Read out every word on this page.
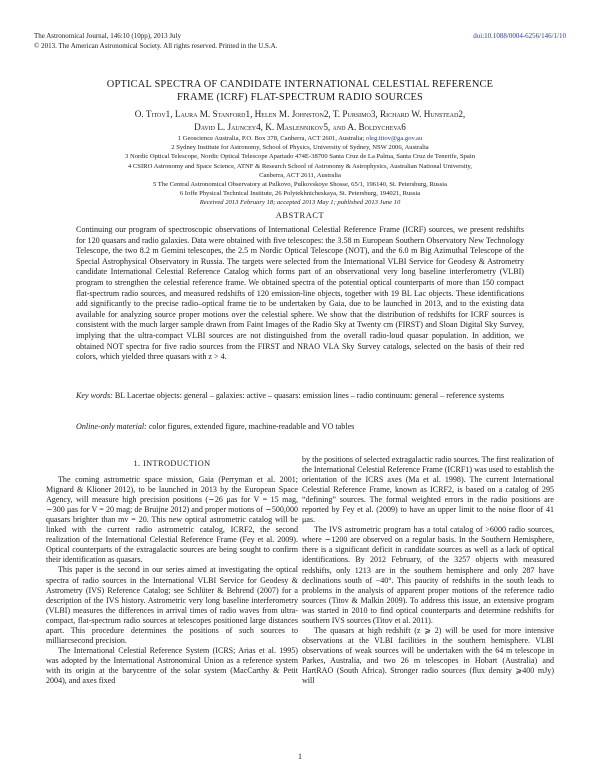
The Astronomical Journal, 146:10 (10pp), 2013 July	doi:10.1088/0004-6256/146/1/10
© 2013. The American Astronomical Society. All rights reserved. Printed in the U.S.A.
OPTICAL SPECTRA OF CANDIDATE INTERNATIONAL CELESTIAL REFERENCE
FRAME (ICRF) FLAT-SPECTRUM RADIO SOURCES
O. Titov1, Laura M. Stanford1, Helen M. Johnston2, T. Pursimo3, Richard W. Hunstead2,
David L. Jauncey4, K. Maslennikov5, and A. Boldycheva6
1 Geoscience Australia, P.O. Box 378, Canberra, ACT 2601, Australia; oleg.titov@ga.gov.au
2 Sydney Institute for Astronomy, School of Physics, University of Sydney, NSW 2006, Australia
3 Nordic Optical Telescope, Nordic Optical Telescope Apartado 474E-38700 Santa Cruz de La Palma, Santa Cruz de Tenerife, Spain
4 CSIRO Astronomy and Space Science, ATNF & Research School of Astronomy & Astrophysics, Australian National University,
Canberra, ACT 2611, Australia
5 The Central Astronomical Observatory at Pulkovo, Pulkovskoye Shosse, 65/1, 196140, St. Petersburg, Russia
6 Ioffe Physical Technical Institute, 26 Polytekhnicheskaya, St. Petersburg, 194021, Russia
Received 2013 February 18; accepted 2013 May 1; published 2013 June 10
ABSTRACT
Continuing our program of spectroscopic observations of International Celestial Reference Frame (ICRF) sources, we present redshifts for 120 quasars and radio galaxies. Data were obtained with five telescopes: the 3.58 m European Southern Observatory New Technology Telescope, the two 8.2 m Gemini telescopes, the 2.5 m Nordic Optical Telescope (NOT), and the 6.0 m Big Azimuthal Telescope of the Special Astrophysical Observatory in Russia. The targets were selected from the International VLBI Service for Geodesy & Astrometry candidate International Celestial Reference Catalog which forms part of an observational very long baseline interferometry (VLBI) program to strengthen the celestial reference frame. We obtained spectra of the potential optical counterparts of more than 150 compact flat-spectrum radio sources, and measured redshifts of 120 emission-line objects, together with 19 BL Lac objects. These identifications add significantly to the precise radio–optical frame tie to be undertaken by Gaia, due to be launched in 2013, and to the existing data available for analyzing source proper motions over the celestial sphere. We show that the distribution of redshifts for ICRF sources is consistent with the much larger sample drawn from Faint Images of the Radio Sky at Twenty cm (FIRST) and Sloan Digital Sky Survey, implying that the ultra-compact VLBI sources are not distinguished from the overall radio-loud quasar population. In addition, we obtained NOT spectra for five radio sources from the FIRST and NRAO VLA Sky Survey catalogs, selected on the basis of their red colors, which yielded three quasars with z > 4.
Key words: BL Lacertae objects: general – galaxies: active – quasars: emission lines – radio continuum: general – reference systems
Online-only material: color figures, extended figure, machine-readable and VO tables
1. INTRODUCTION

The coming astrometric space mission, Gaia (Perryman et al. 2001; Mignard & Klioner 2012), to be launched in 2013 by the European Space Agency, will measure high precision positions (∼26 μas for V = 15 mag, ∼300 μas for V = 20 mag; de Bruijne 2012) and proper motions of ∼500,000 quasars brighter than mv = 20. This new optical astrometric catalog will be linked with the current radio astrometric catalog, ICRF2, the second realization of the International Celestial Reference Frame (Fey et al. 2009). Optical counterparts of the extragalactic sources are being sought to confirm their identification as quasars.

This paper is the second in our series aimed at investigating the optical spectra of radio sources in the International VLBI Service for Geodesy & Astrometry (IVS) Reference Catalog; see Schlüter & Behrend (2007) for a description of the IVS history. Astrometric very long baseline interferometry (VLBI) measures the differences in arrival times of radio waves from ultra-compact, flat-spectrum radio sources at telescopes positioned large distances apart. This procedure determines the positions of such sources to milliarcsecond precision.

The International Celestial Reference System (ICRS; Arias et al. 1995) was adopted by the International Astronomical Union as a reference system with its origin at the barycentre of the solar system (MacCarthy & Petit 2004), and axes fixed

by the positions of selected extragalactic radio sources. The first realization of the International Celestial Reference Frame (ICRF1) was used to establish the orientation of the ICRS axes (Ma et al. 1998). The current International Celestial Reference Frame, known as ICRF2, is based on a catalog of 295 “defining” sources. The formal weighted errors in the radio positions are reported by Fey et al. (2009) to have an upper limit to the noise floor of 41 μas.

The IVS astrometric program has a total catalog of >6000 radio sources, where ∼1200 are observed on a regular basis. In the Southern Hemisphere, there is a significant deficit in candidate sources as well as a lack of optical identifications. By 2012 February, of the 3257 objects with measured redshifts, only 1213 are in the southern hemisphere and only 287 have declinations south of −40°. This paucity of redshifts in the south leads to problems in the analysis of apparent proper motions of the reference radio sources (Titov & Malkin 2009). To address this issue, an extensive program was started in 2010 to find optical counterparts and determine redshifts for southern IVS sources (Titov et al. 2011).

The quasars at high redshift (z ⩾ 2) will be used for more intensive observations at the VLBI facilities in the southern hemisphere. VLBI observations of weak sources will be undertaken with the 64 m telescope in Parkes, Australia, and two 26 m telescopes in Hobart (Australia) and HartRAO (South Africa). Stronger radio sources (flux density ⩾400 mJy) will

1
